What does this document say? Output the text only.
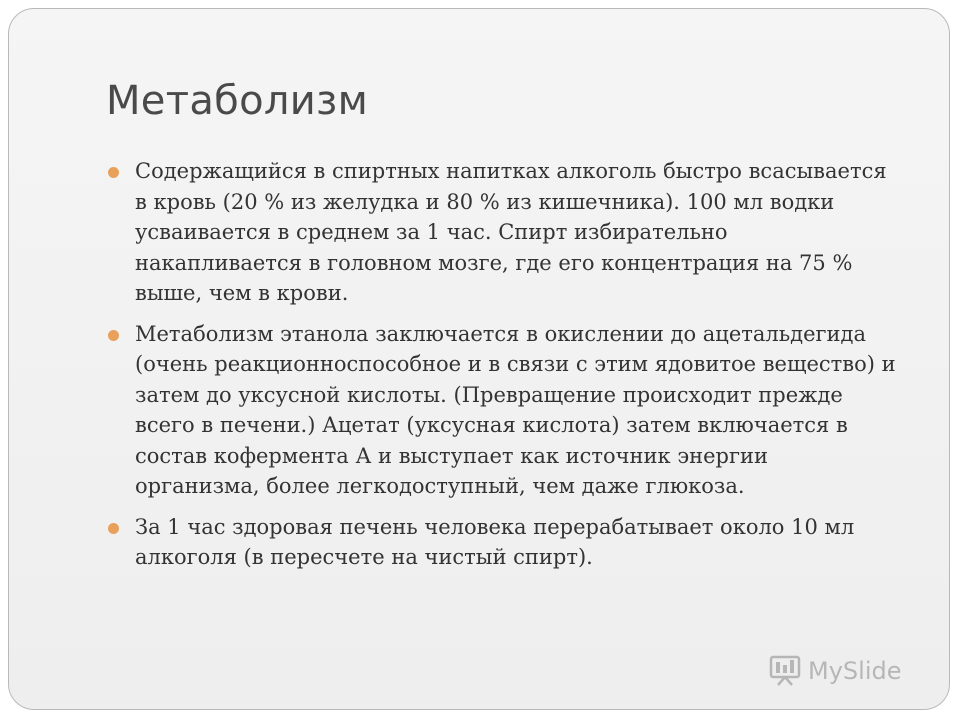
Метаболизм
Содержащийся в спиртных напитках алкоголь быстро всасывается в кровь (20 % из желудка и 80 % из кишечника). 100 мл водки усваивается в среднем за 1 час. Спирт избирательно накапливается в головном мозге, где его концентрация на 75 % выше, чем в крови.
Метаболизм этанола заключается в окислении до ацетальдегида (очень реакционноспособное и в связи с этим ядовитое вещество) и затем до уксусной кислоты. (Превращение происходит прежде всего в печени.) Ацетат (уксусная кислота) затем включается в состав кофермента А и выступает как источник энергии организма, более легкодоступный, чем даже глюкоза.
За 1 час здоровая печень человека перерабатывает около 10 мл алкоголя (в пересчете на чистый спирт).
MySlide
